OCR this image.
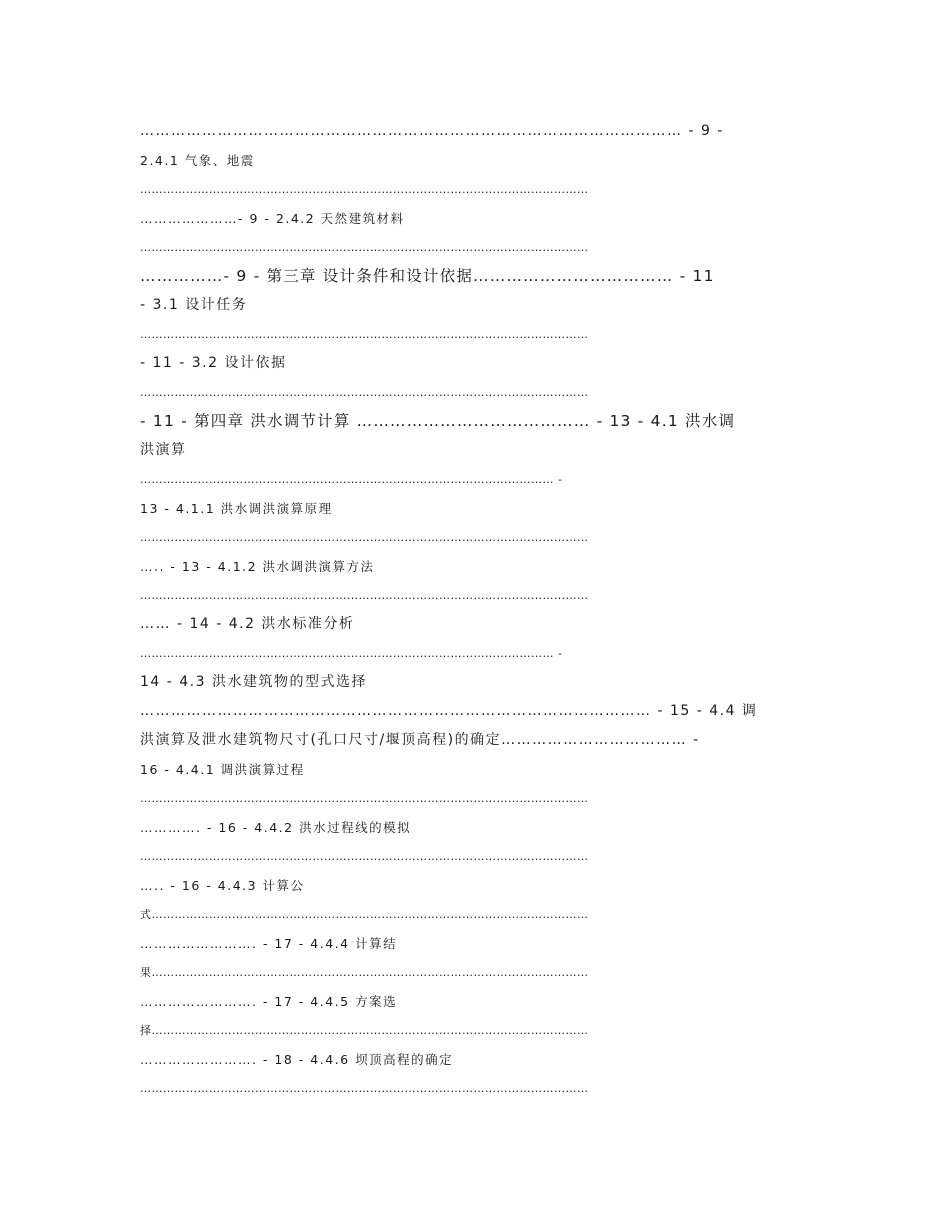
…………………………………………………………………………………………… - 9 -
2.4.1 气象、地震
………………………………………………………………………………………………………
…………………- 9 - 2.4.2 天然建筑材料
………………………………………………………………………………………………………
……………- 9 - 第三章 设计条件和设计依据……………………………… - 11
- 3.1 设计任务
………………………………………………………………………………………………………
- 11 - 3.2 设计依据
………………………………………………………………………………………………………
- 11 - 第四章 洪水调节计算 …………………………………… - 13 - 4.1 洪水调
洪演算
……………………………………………………………………………………………… -
13 - 4.1.1 洪水调洪演算原理
………………………………………………………………………………………………………
….. - 13 - 4.1.2 洪水调洪演算方法
………………………………………………………………………………………………………
…… - 14 - 4.2 洪水标准分析
……………………………………………………………………………………………… -
14 - 4.3 洪水建筑物的型式选择
……………………………………………………………………………………… - 15 - 4.4 调
洪演算及泄水建筑物尺寸(孔口尺寸/堰顶高程)的确定……………………………… -
16 - 4.4.1 调洪演算过程
………………………………………………………………………………………………………
…………. - 16 - 4.4.2 洪水过程线的模拟
………………………………………………………………………………………………………
….. - 16 - 4.4.3 计算公
式……………………………………………………………………………………………………
……………………. - 17 - 4.4.4 计算结
果……………………………………………………………………………………………………
……………………. - 17 - 4.4.5 方案选
择……………………………………………………………………………………………………
……………………. - 18 - 4.4.6 坝顶高程的确定
………………………………………………………………………………………………………
